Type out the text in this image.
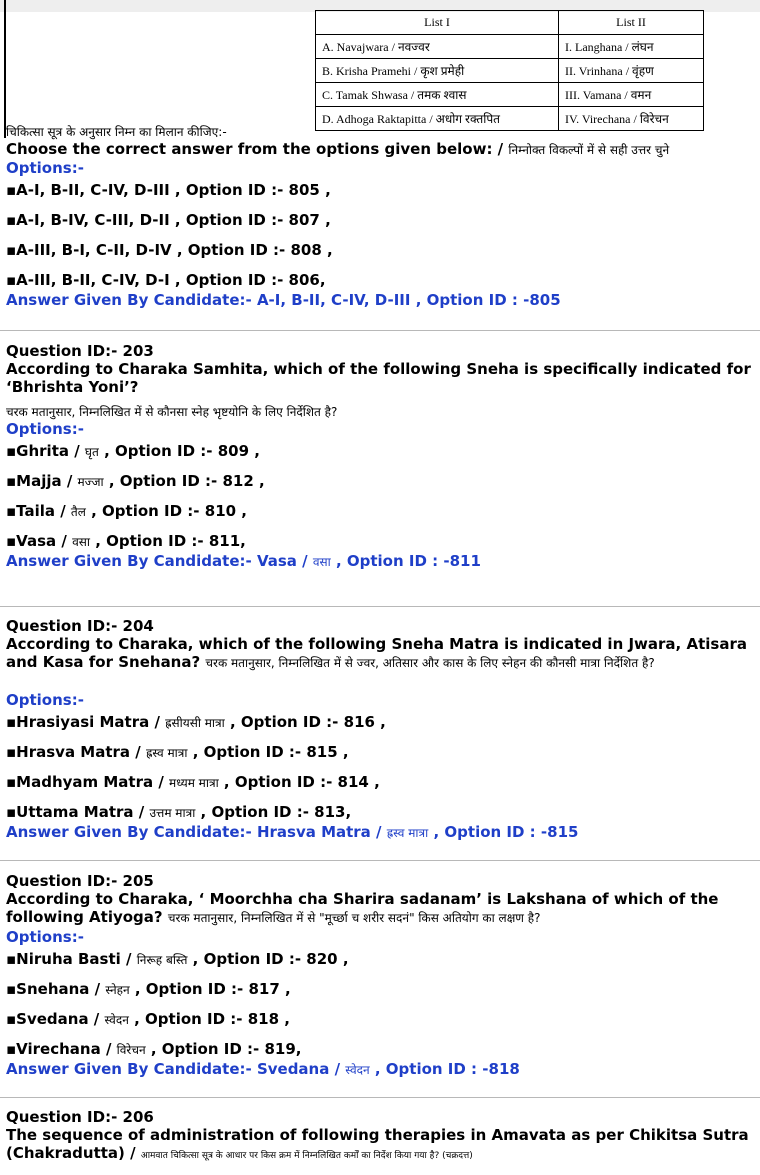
List I	List II
A. Navajwara / नवज्वर	I. Langhana / लंघन
B. Krisha Pramehi / कृश प्रमेही	II. Vrinhana / वृंहण
C. Tamak Shwasa / तमक श्वास	III. Vamana / वमन
D. Adhoga Raktapitta / अधोग रक्तपित	IV. Virechana / विरेचन
चिकित्सा सूत्र के अनुसार निम्न का मिलान कीजिए:-
Choose the correct answer from the options given below: / निम्नोक्त विकल्पों में से सही उत्तर चुने
Options:-
▪A-I, B-II, C-IV, D-III , Option ID :- 805 ,
▪A-I, B-IV, C-III, D-II , Option ID :- 807 ,
▪A-III, B-I, C-II, D-IV , Option ID :- 808 ,
▪A-III, B-II, C-IV, D-I , Option ID :- 806,
Answer Given By Candidate:- A-I, B-II, C-IV, D-III , Option ID : -805
Question ID:- 203
According to Charaka Samhita, which of the following Sneha is specifically indicated for ‘Bhrishta Yoni’?
चरक मतानुसार, निम्नलिखित में से कौनसा स्नेह भृष्टयोनि के लिए निर्देशित है?
Options:-
▪Ghrita / घृत , Option ID :- 809 ,
▪Majja / मज्जा , Option ID :- 812 ,
▪Taila / तैल , Option ID :- 810 ,
▪Vasa / वसा , Option ID :- 811,
Answer Given By Candidate:- Vasa / वसा , Option ID : -811
Question ID:- 204
According to Charaka, which of the following Sneha Matra is indicated in Jwara, Atisara and Kasa for Snehana? चरक मतानुसार, निम्नलिखित में से ज्वर, अतिसार और कास के लिए स्नेहन की कौनसी मात्रा निर्देशित है?
Options:-
▪Hrasiyasi Matra / ह्रसीयसी मात्रा , Option ID :- 816 ,
▪Hrasva Matra / ह्रस्व मात्रा , Option ID :- 815 ,
▪Madhyam Matra / मध्यम मात्रा , Option ID :- 814 ,
▪Uttama Matra / उत्तम मात्रा , Option ID :- 813,
Answer Given By Candidate:- Hrasva Matra / ह्रस्व मात्रा , Option ID : -815
Question ID:- 205
According to Charaka, ‘ Moorchha cha Sharira sadanam’ is Lakshana of which of the following Atiyoga? चरक मतानुसार, निम्नलिखित में से "मूर्च्छा च शरीर सदनं" किस अतियोग का लक्षण है?
Options:-
▪Niruha Basti / निरूह बस्ति , Option ID :- 820 ,
▪Snehana / स्नेहन , Option ID :- 817 ,
▪Svedana / स्वेदन , Option ID :- 818 ,
▪Virechana / विरेचन , Option ID :- 819,
Answer Given By Candidate:- Svedana / स्वेदन , Option ID : -818
Question ID:- 206
The sequence of administration of following therapies in Amavata as per Chikitsa Sutra (Chakradutta) / आमवात चिकित्सा सूत्र के आधार पर किस क्रम में निम्नलिखित कर्मों का निर्देश किया गया है? (चक्रदत्त)
